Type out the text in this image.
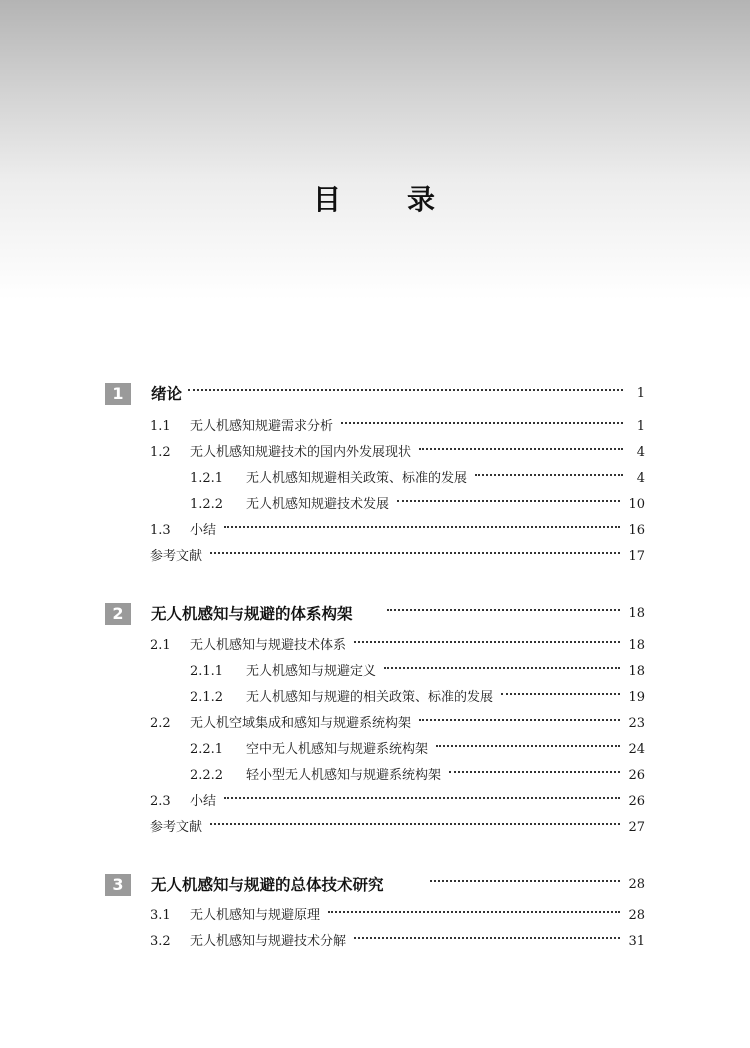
目 录
1	绪论	1
1.1	无人机感知规避需求分析	1
1.2	无人机感知规避技术的国内外发展现状	4
1.2.1	无人机感知规避相关政策、标准的发展	4
1.2.2	无人机感知规避技术发展	10
1.3	小结	16
参考文献	17
2	无人机感知与规避的体系构架	18
2.1	无人机感知与规避技术体系	18
2.1.1	无人机感知与规避定义	18
2.1.2	无人机感知与规避的相关政策、标准的发展	19
2.2	无人机空域集成和感知与规避系统构架	23
2.2.1	空中无人机感知与规避系统构架	24
2.2.2	轻小型无人机感知与规避系统构架	26
2.3	小结	26
参考文献	27
3	无人机感知与规避的总体技术研究	28
3.1	无人机感知与规避原理	28
3.2	无人机感知与规避技术分解	31
